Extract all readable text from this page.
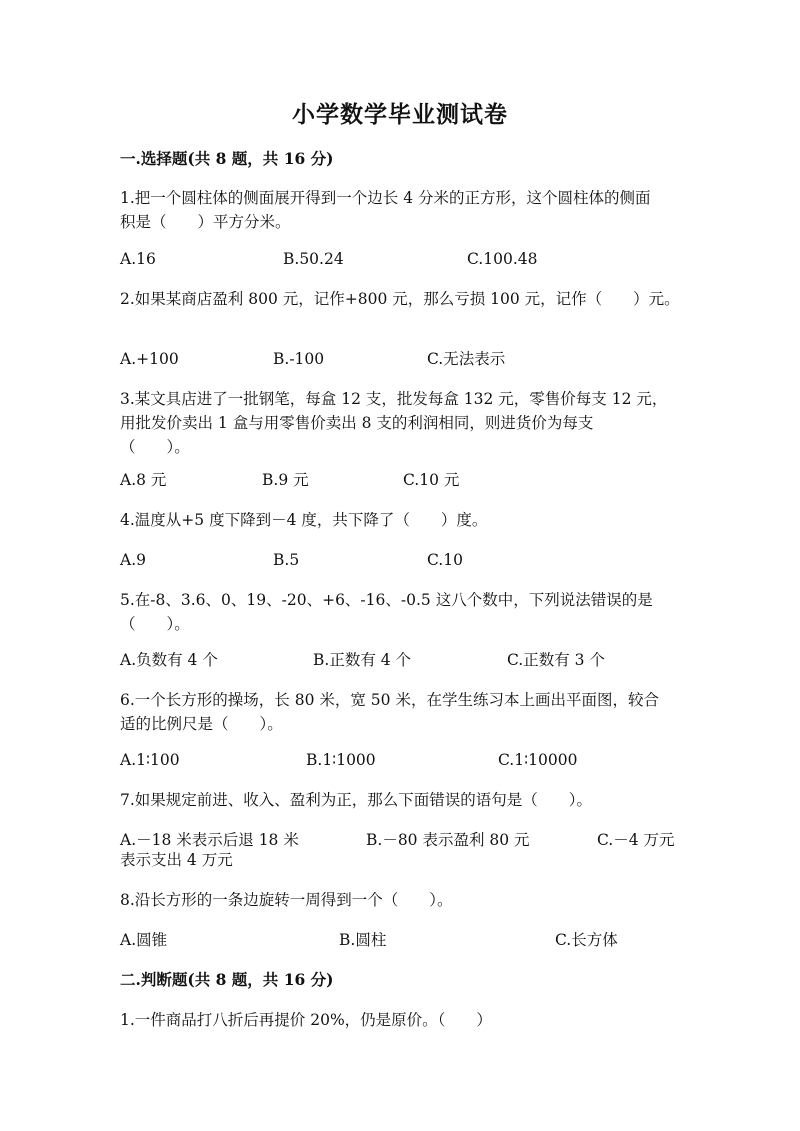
小学数学毕业测试卷
一.选择题(共 8 题，共 16 分)
1.把一个圆柱体的侧面展开得到一个边长 4 分米的正方形，这个圆柱体的侧面
积是（　　）平方分米。
A.16	B.50.24	C.100.48
2.如果某商店盈利 800 元，记作+800 元，那么亏损 100 元，记作（　　）元。
A.+100	B.-100	C.无法表示
3.某文具店进了一批钢笔，每盒 12 支，批发每盒 132 元，零售价每支 12 元，
用批发价卖出 1 盒与用零售价卖出 8 支的利润相同，则进货价为每支
（　　）。
A.8 元	B.9 元	C.10 元
4.温度从+5 度下降到－4 度，共下降了（　　）度。
A.9	B.5	C.10
5.在-8、3.6、0、19、-20、+6、-16、-0.5 这八个数中，下列说法错误的是
（　　）。
A.负数有 4 个	B.正数有 4 个	C.正数有 3 个
6.一个长方形的操场，长 80 米，宽 50 米，在学生练习本上画出平面图，较合
适的比例尺是（　　）。
A.1∶100	B.1∶1000	C.1∶10000
7.如果规定前进、收入、盈利为正，那么下面错误的语句是（　　）。
A.－18 米表示后退 18 米	B.－80 表示盈利 80 元	C.－4 万元
表示支出 4 万元
8.沿长方形的一条边旋转一周得到一个（　　）。
A.圆锥	B.圆柱	C.长方体
二.判断题(共 8 题，共 16 分)
1.一件商品打八折后再提价 20%，仍是原价。（　　）
